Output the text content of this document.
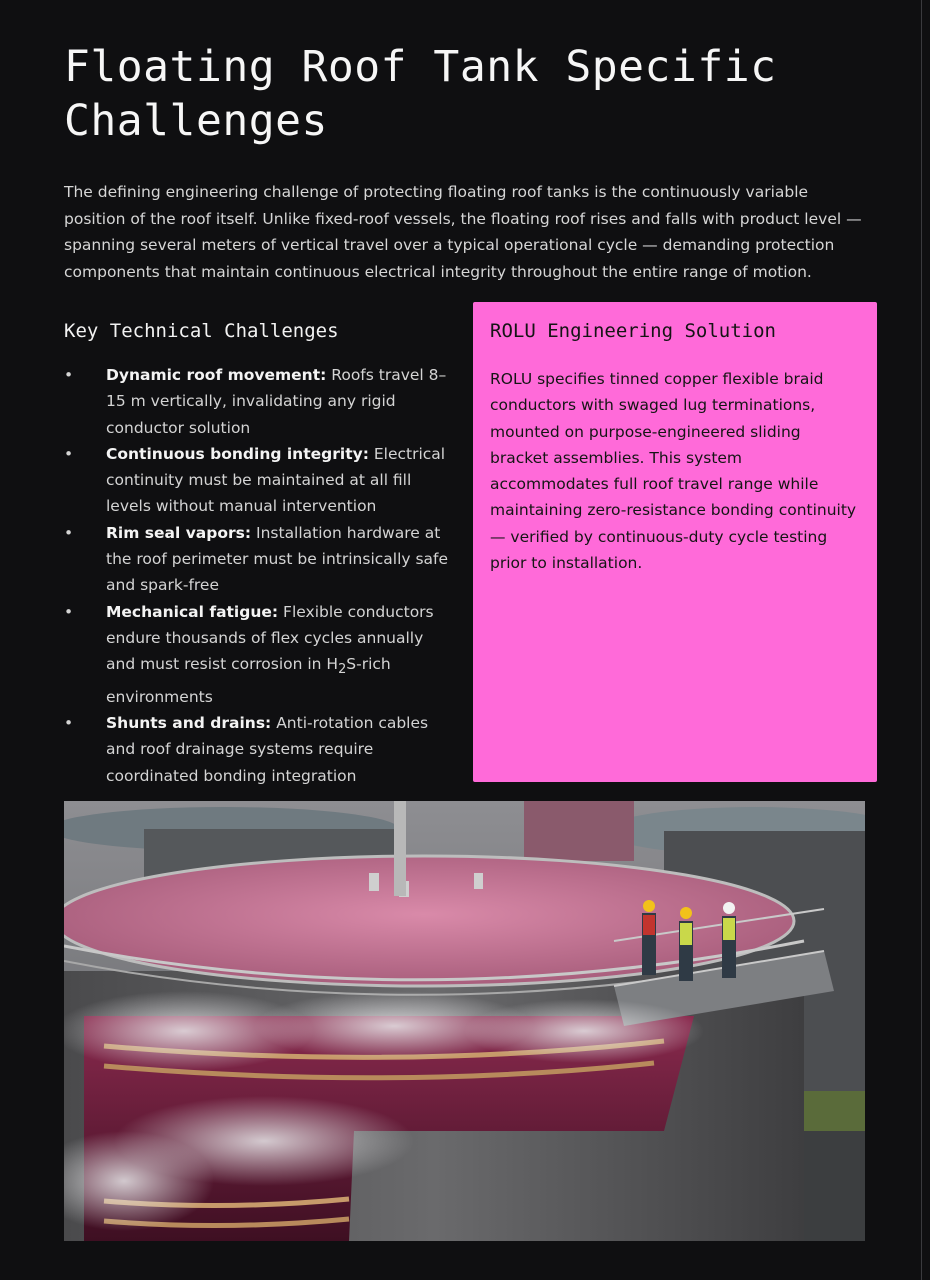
Floating Roof Tank Specific Challenges

The defining engineering challenge of protecting floating roof tanks is the continuously variable position of the roof itself. Unlike fixed-roof vessels, the floating roof rises and falls with product level — spanning several meters of vertical travel over a typical operational cycle — demanding protection components that maintain continuous electrical integrity throughout the entire range of motion.

Key Technical Challenges
• Dynamic roof movement: Roofs travel 8–15 m vertically, invalidating any rigid conductor solution
• Continuous bonding integrity: Electrical continuity must be maintained at all fill levels without manual intervention
• Rim seal vapors: Installation hardware at the roof perimeter must be intrinsically safe and spark-free
• Mechanical fatigue: Flexible conductors endure thousands of flex cycles annually and must resist corrosion in $H_2S$-rich environments
• Shunts and drains: Anti-rotation cables and roof drainage systems require coordinated bonding integration
ROLU Engineering Solution

ROLU specifies tinned copper flexible braid conductors with swaged lug terminations, mounted on purpose-engineered sliding bracket assemblies. This system accommodates full roof travel range while maintaining zero-resistance bonding continuity — verified by continuous-duty cycle testing prior to installation.
